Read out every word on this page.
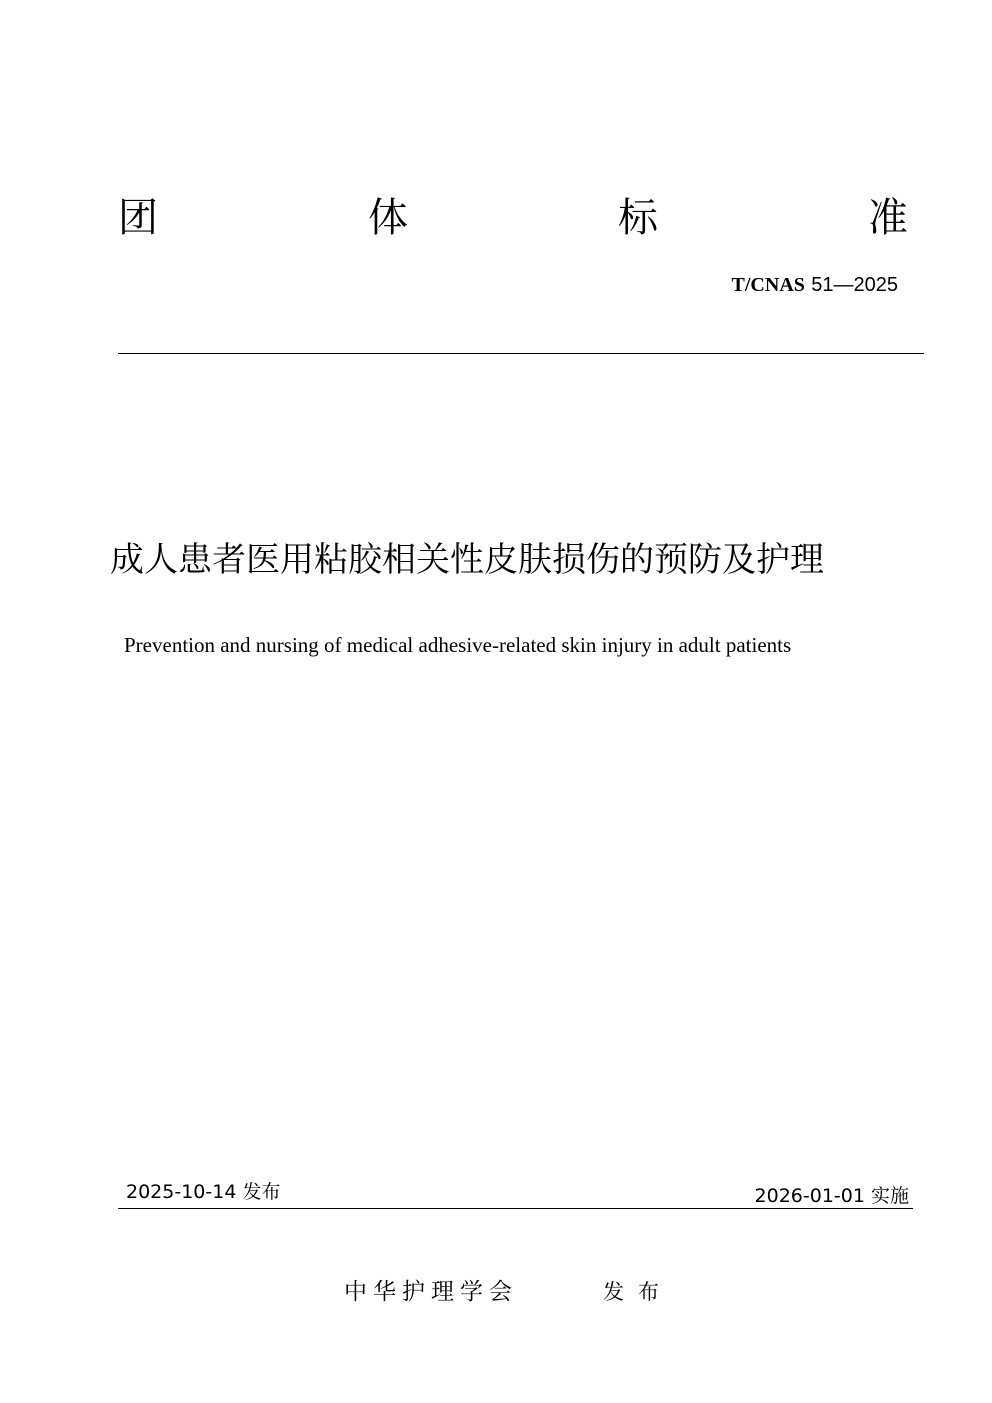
团	体	标	准
T/CNAS 51—2025
成人患者医用粘胶相关性皮肤损伤的预防及护理
Prevention and nursing of medical adhesive-related skin injury in adult patients
2025-10-14 发布	2026-01-01 实施
中华护理学会	发布
